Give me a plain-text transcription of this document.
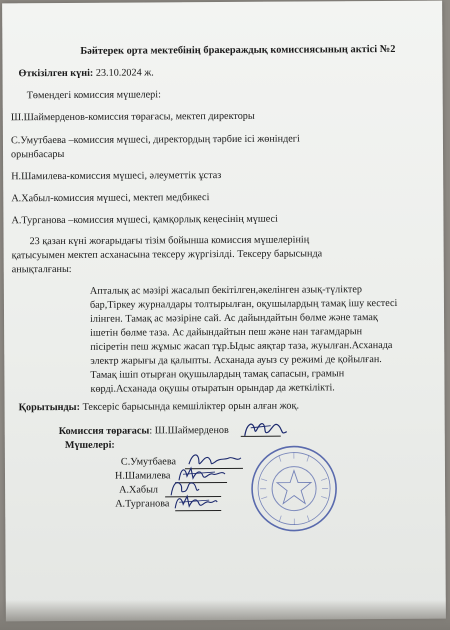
Бәйтерек орта мектебінің бракераждық комиссиясының актісі №2
Өткізілген күні: 23.10.2024 ж.
Төмендегі комиссия мүшелері:
Ш.Шаймерденов-комиссия төрағасы, мектеп директоры
С.Умутбаева –комиссия мүшесі, директордың тәрбие ісі жөніндегі
орынбасары
Н.Шамилева-комиссия мүшесі, әлеуметтік ұстаз
А.Хабыл-комиссия мүшесі, мектеп медбикесі
А.Турганова –комиссия мүшесі, қамқорлық кеңесінің мүшесі
23 қазан күні жоғарыдағы тізім бойынша комиссия мүшелерінің
қатысуымен мектеп асханасына тексеру жүргізілді. Тексеру барысында
анықталғаны:
Апталық ас мәзірі жасалып бекітілген,әкелінген азық-түліктер
бар,Тіркеу журналдары толтырылған, оқушылардың тамақ ішу кестесі
ілінген. Тамақ ас мәзіріне сай. Ас дайындайтын бөлме және тамақ
ішетін бөлме таза. Ас дайындайтын пеш және нан тағамдарын
пісіретін пеш жұмыс жасап тұр.Ыдыс аяқтар таза, жуылған.Асханада
электр жарығы да қалыпты. Асханада ауыз су режимі де қойылған.
Тамақ ішіп отырған оқушылардың тамақ сапасын, грамын
көрді.Асханада оқушы отыратын орындар да жеткілікті.
Қорытынды: Тексеріс барысында кемшіліктер орын алған жоқ.
Комиссия төрағасы: Ш.Шаймерденов
Мүшелері:
С.Умутбаева
Н.Шамилева
А.Хабыл
А.Турганова
